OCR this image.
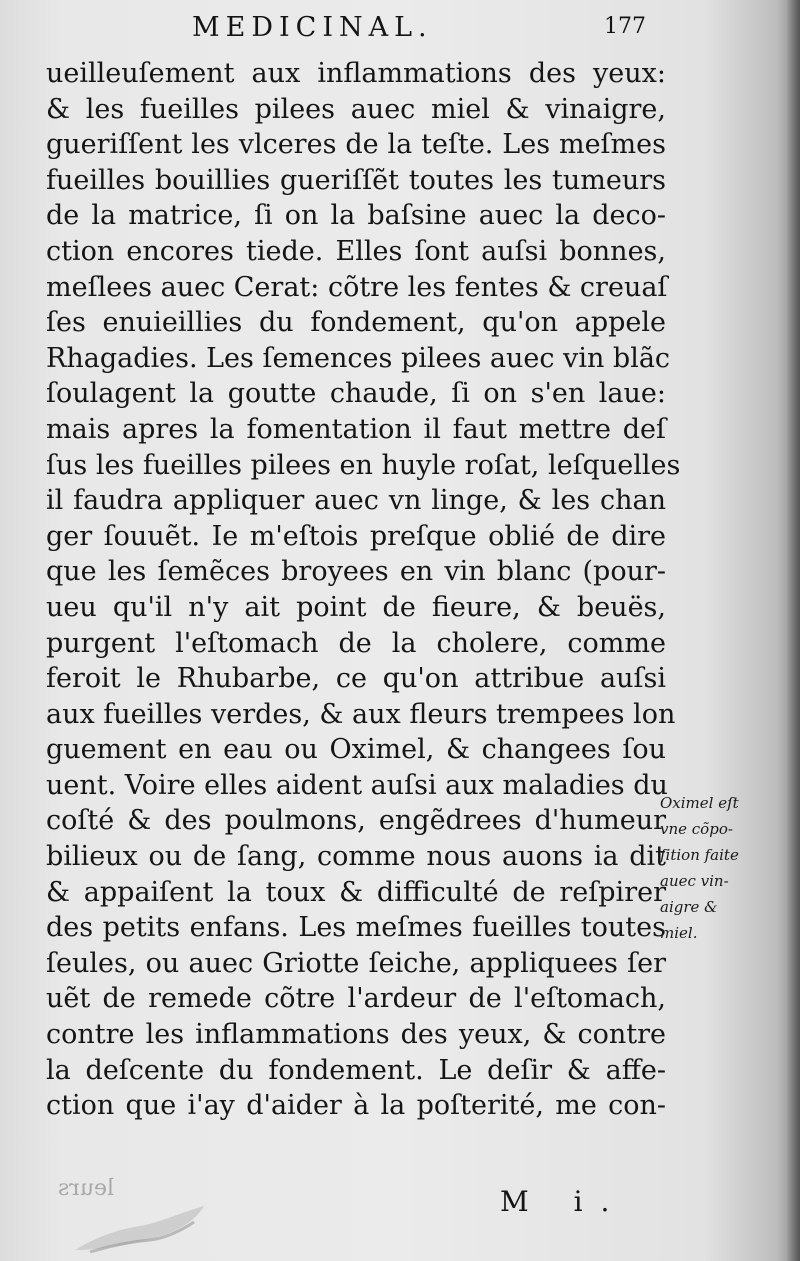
MEDICINAL.	177
ueilleuſement aux inflammations des yeux:
& les fueilles pilees auec miel & vinaigre,
gueriſſent les vlceres de la teſte. Les meſmes
fueilles bouillies gueriſſẽt toutes les tumeurs
de la matrice, ſi on la baſsine auec la deco-
ction encores tiede. Elles ſont auſsi bonnes,
meſlees auec Cerat: cõtre les fentes & creuaſ
ſes enuieillies du fondement, qu'on appele
Rhagadies. Les ſemences pilees auec vin blãc
ſoulagent la goutte chaude, ſi on s'en laue:
mais apres la fomentation il faut mettre deſ
ſus les fueilles pilees en huyle roſat, leſquelles
il faudra appliquer auec vn linge, & les chan
ger ſouuẽt. Ie m'eſtois preſque oblié de dire
que les ſemẽces broyees en vin blanc (pour-
ueu qu'il n'y ait point de fieure, & beuës,
purgent l'eſtomach de la cholere, comme
feroit le Rhubarbe, ce qu'on attribue auſsi
aux fueilles verdes, & aux fleurs trempees lon
guement en eau ou Oximel, & changees ſou
uent. Voire elles aident auſsi aux maladies du
coſté & des poulmons, engẽdrees d'humeur
bilieux ou de ſang, comme nous auons ia dit
& appaiſent la toux & difficulté de reſpirer
des petits enfans. Les meſmes fueilles toutes
ſeules, ou auec Griotte ſeiche, appliquees ſer
uẽt de remede cõtre l'ardeur de l'eſtomach,
contre les inflammations des yeux, & contre
la deſcente du fondement. Le deſir & affe-
ction que i'ay d'aider à la poſterité, me con-
Oximel eſt
vne cõpo-
ſition faite
auec vin-
aigre &
miel.
leurs	M i.
